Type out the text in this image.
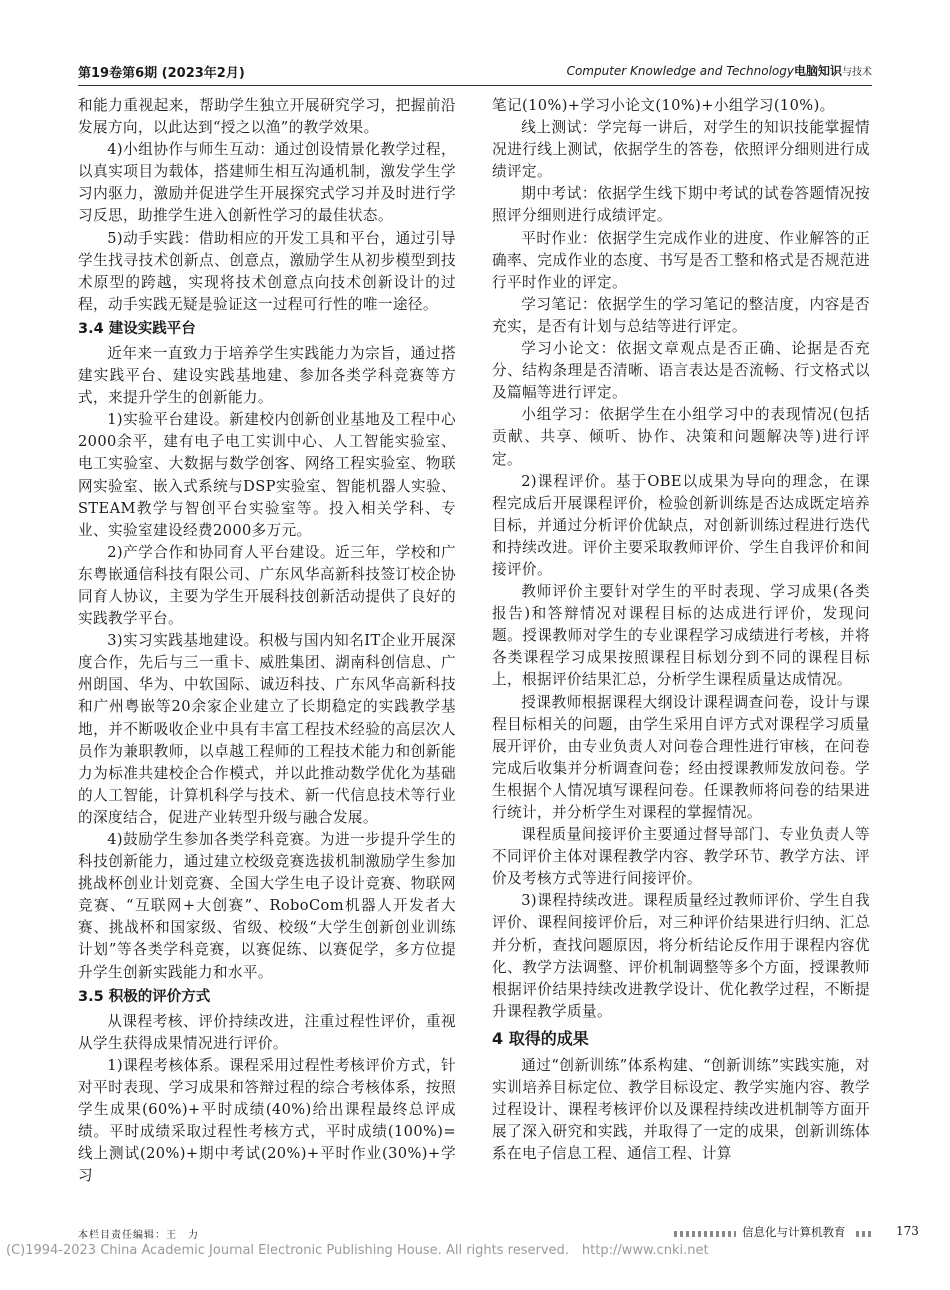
第19卷第6期 (2023年2月)	Computer Knowledge and Technology电脑知识与技术

和能力重视起来，帮助学生独立开展研究学习，把握前沿发展方向，以此达到“授之以渔”的教学效果。

4)小组协作与师生互动：通过创设情景化教学过程，以真实项目为载体，搭建师生相互沟通机制，激发学生学习内驱力，激励并促进学生开展探究式学习并及时进行学习反思，助推学生进入创新性学习的最佳状态。

5)动手实践：借助相应的开发工具和平台，通过引导学生找寻技术创新点、创意点，激励学生从初步模型到技术原型的跨越，实现将技术创意点向技术创新设计的过程，动手实践无疑是验证这一过程可行性的唯一途径。

3.4 建设实践平台

近年来一直致力于培养学生实践能力为宗旨，通过搭建实践平台、建设实践基地建、参加各类学科竞赛等方式，来提升学生的创新能力。

1)实验平台建设。新建校内创新创业基地及工程中心2000余平，建有电子电工实训中心、人工智能实验室、电工实验室、大数据与数学创客、网络工程实验室、物联网实验室、嵌入式系统与DSP实验室、智能机器人实验、STEAM教学与智创平台实验室等。投入相关学科、专业、实验室建设经费2000多万元。

2)产学合作和协同育人平台建设。近三年，学校和广东粤嵌通信科技有限公司、广东风华高新科技签订校企协同育人协议，主要为学生开展科技创新活动提供了良好的实践教学平台。

3)实习实践基地建设。积极与国内知名IT企业开展深度合作，先后与三一重卡、威胜集团、湖南科创信息、广州朗国、华为、中软国际、诚迈科技、广东风华高新科技和广州粤嵌等20余家企业建立了长期稳定的实践教学基地，并不断吸收企业中具有丰富工程技术经验的高层次人员作为兼职教师，以卓越工程师的工程技术能力和创新能力为标准共建校企合作模式，并以此推动数学优化为基础的人工智能，计算机科学与技术、新一代信息技术等行业的深度结合，促进产业转型升级与融合发展。

4)鼓励学生参加各类学科竞赛。为进一步提升学生的科技创新能力，通过建立校级竞赛选拔机制激励学生参加挑战杯创业计划竞赛、全国大学生电子设计竞赛、物联网竞赛、“互联网+大创赛”、RoboCom机器人开发者大赛、挑战杯和国家级、省级、校级“大学生创新创业训练计划”等各类学科竞赛，以赛促练、以赛促学，多方位提升学生创新实践能力和水平。

3.5 积极的评价方式

从课程考核、评价持续改进，注重过程性评价，重视从学生获得成果情况进行评价。

1)课程考核体系。课程采用过程性考核评价方式，针对平时表现、学习成果和答辩过程的综合考核体系，按照学生成果(60%)+平时成绩(40%)给出课程最终总评成绩。平时成绩采取过程性考核方式，平时成绩(100%)=线上测试(20%)+期中考试(20%)+平时作业(30%)+学习

笔记(10%)+学习小论文(10%)+小组学习(10%)。

线上测试：学完每一讲后，对学生的知识技能掌握情况进行线上测试，依据学生的答卷，依照评分细则进行成绩评定。

期中考试：依据学生线下期中考试的试卷答题情况按照评分细则进行成绩评定。

平时作业：依据学生完成作业的进度、作业解答的正确率、完成作业的态度、书写是否工整和格式是否规范进行平时作业的评定。

学习笔记：依据学生的学习笔记的整洁度，内容是否充实，是否有计划与总结等进行评定。

学习小论文：依据文章观点是否正确、论据是否充分、结构条理是否清晰、语言表达是否流畅、行文格式以及篇幅等进行评定。

小组学习：依据学生在小组学习中的表现情况(包括贡献、共享、倾听、协作、决策和问题解决等)进行评定。

2)课程评价。基于OBE以成果为导向的理念，在课程完成后开展课程评价，检验创新训练是否达成既定培养目标，并通过分析评价优缺点，对创新训练过程进行迭代和持续改进。评价主要采取教师评价、学生自我评价和间接评价。

教师评价主要针对学生的平时表现、学习成果(各类报告)和答辩情况对课程目标的达成进行评价，发现问题。授课教师对学生的专业课程学习成绩进行考核，并将各类课程学习成果按照课程目标划分到不同的课程目标上，根据评价结果汇总，分析学生课程质量达成情况。

授课教师根据课程大纲设计课程调查问卷，设计与课程目标相关的问题，由学生采用自评方式对课程学习质量展开评价，由专业负责人对问卷合理性进行审核，在问卷完成后收集并分析调查问卷；经由授课教师发放问卷。学生根据个人情况填写课程问卷。任课教师将问卷的结果进行统计，并分析学生对课程的掌握情况。

课程质量间接评价主要通过督导部门、专业负责人等不同评价主体对课程教学内容、教学环节、教学方法、评价及考核方式等进行间接评价。

3)课程持续改进。课程质量经过教师评价、学生自我评价、课程间接评价后，对三种评价结果进行归纳、汇总并分析，查找问题原因，将分析结论反作用于课程内容优化、教学方法调整、评价机制调整等多个方面，授课教师根据评价结果持续改进教学设计、优化教学过程，不断提升课程教学质量。

4 取得的成果

通过“创新训练”体系构建、“创新训练”实践实施，对实训培养目标定位、教学目标设定、教学实施内容、教学过程设计、课程考核评价以及课程持续改进机制等方面开展了深入研究和实践，并取得了一定的成果，创新训练体系在电子信息工程、通信工程、计算

本栏目责任编辑：王　力	信息化与计算机教育	173
(C)1994-2023 China Academic Journal Electronic Publishing House. All rights reserved.　http://www.cnki.net
